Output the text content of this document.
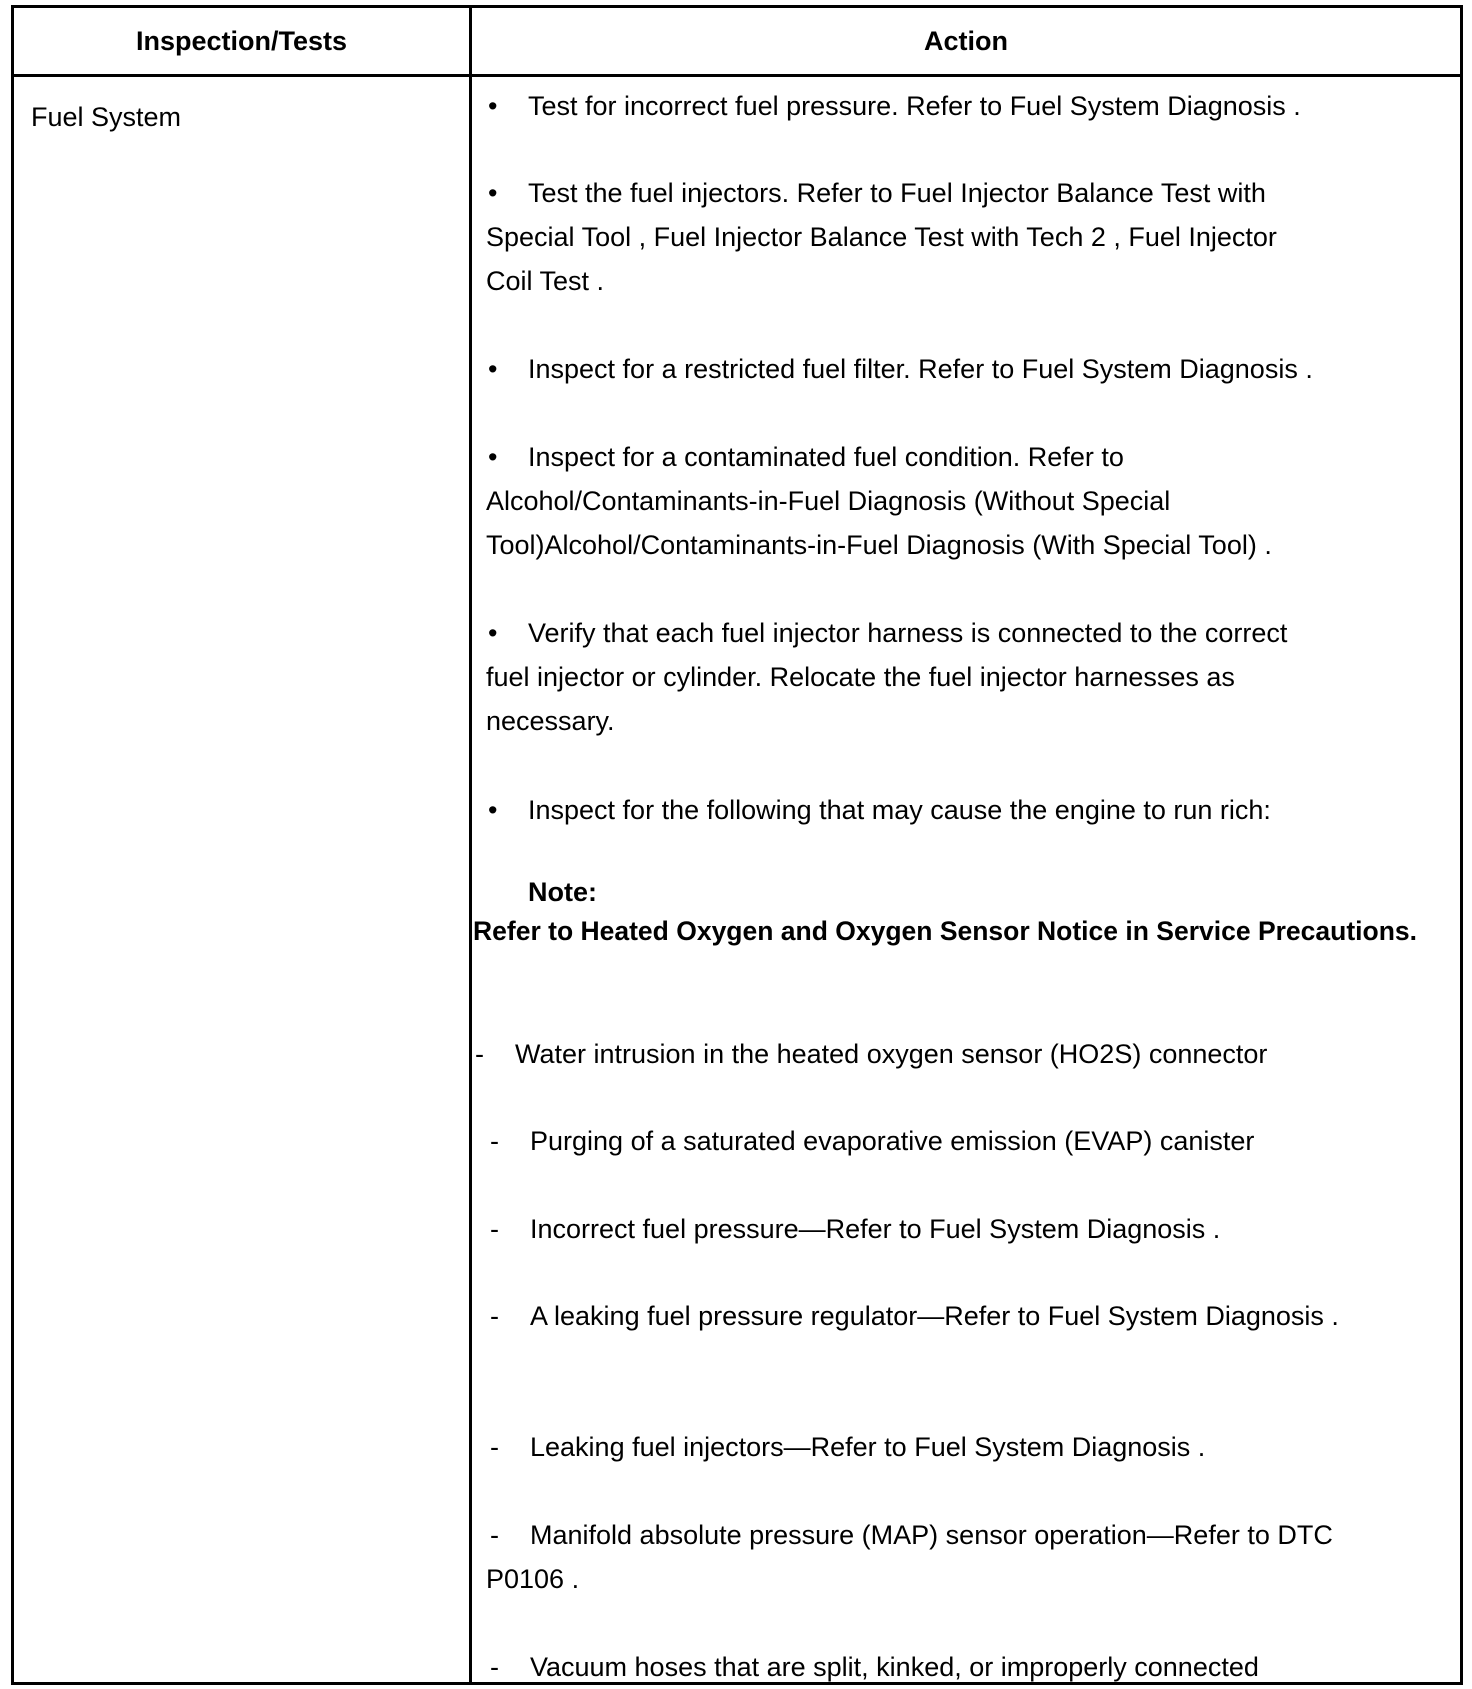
Inspection/Tests	Action
Fuel System	• Test for incorrect fuel pressure. Refer to Fuel System Diagnosis .
• Test the fuel injectors. Refer to Fuel Injector Balance Test with Special Tool , Fuel Injector Balance Test with Tech 2 , Fuel Injector Coil Test .
• Inspect for a restricted fuel filter. Refer to Fuel System Diagnosis .
• Inspect for a contaminated fuel condition. Refer to Alcohol/Contaminants-in-Fuel Diagnosis (Without Special Tool)Alcohol/Contaminants-in-Fuel Diagnosis (With Special Tool) .
• Verify that each fuel injector harness is connected to the correct fuel injector or cylinder. Relocate the fuel injector harnesses as necessary.
• Inspect for the following that may cause the engine to run rich:
Note:
Refer to Heated Oxygen and Oxygen Sensor Notice in Service Precautions.
- Water intrusion in the heated oxygen sensor (HO2S) connector
- Purging of a saturated evaporative emission (EVAP) canister
- Incorrect fuel pressure—Refer to Fuel System Diagnosis .
- A leaking fuel pressure regulator—Refer to Fuel System Diagnosis .
- Leaking fuel injectors—Refer to Fuel System Diagnosis .
- Manifold absolute pressure (MAP) sensor operation—Refer to DTC P0106 .
- Vacuum hoses that are split, kinked, or improperly connected
